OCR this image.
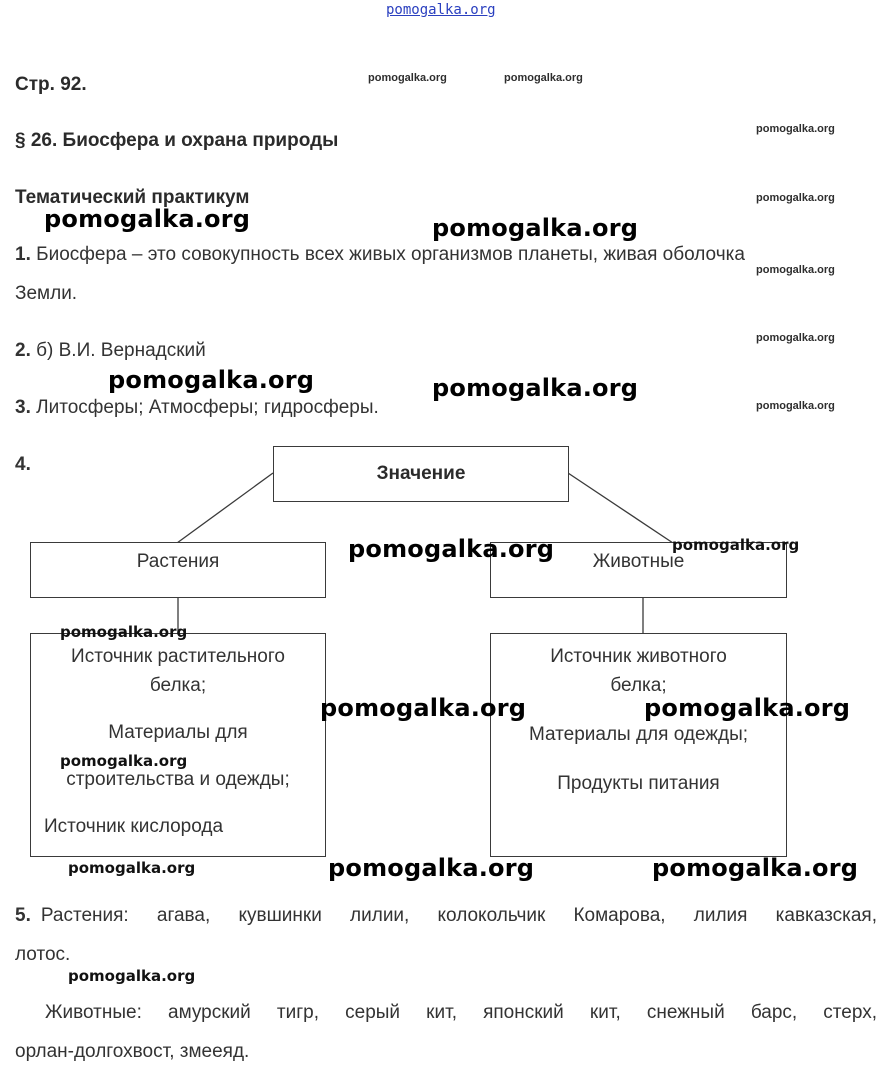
pomogalka.org
Стр. 92.
§ 26. Биосфера и охрана природы
Тематический практикум
1. Биосфера – это совокупность всех живых организмов планеты, живая оболочка
Земли.
2. б) В.И. Вернадский
3. Литосферы; Атмосферы; гидросферы.
4.	Значение
Растения	Животные
Источник растительного
белка;
Материалы для
строительства и одежды;
Источник кислорода
Источник животного
белка;
Материалы для одежды;
Продукты питания
5. Растения: агава, кувшинки лилии, колокольчик Комарова, лилия кавказская,
лотос.
Животные: амурский тигр, серый кит, японский кит, снежный барс, стерх,
орлан-долгохвост, змееяд.
pomogalka.org	pomogalka.org
pomogalka.org
pomogalka.org
pomogalka.org
pomogalka.org
pomogalka.org
pomogalka.org
pomogalka.org
pomogalka.org
pomogalka.org
pomogalka.org
pomogalka.org	pomogalka.org
pomogalka.org	pomogalka.org
pomogalka.org
pomogalka.org	pomogalka.org
pomogalka.org	pomogalka.org
